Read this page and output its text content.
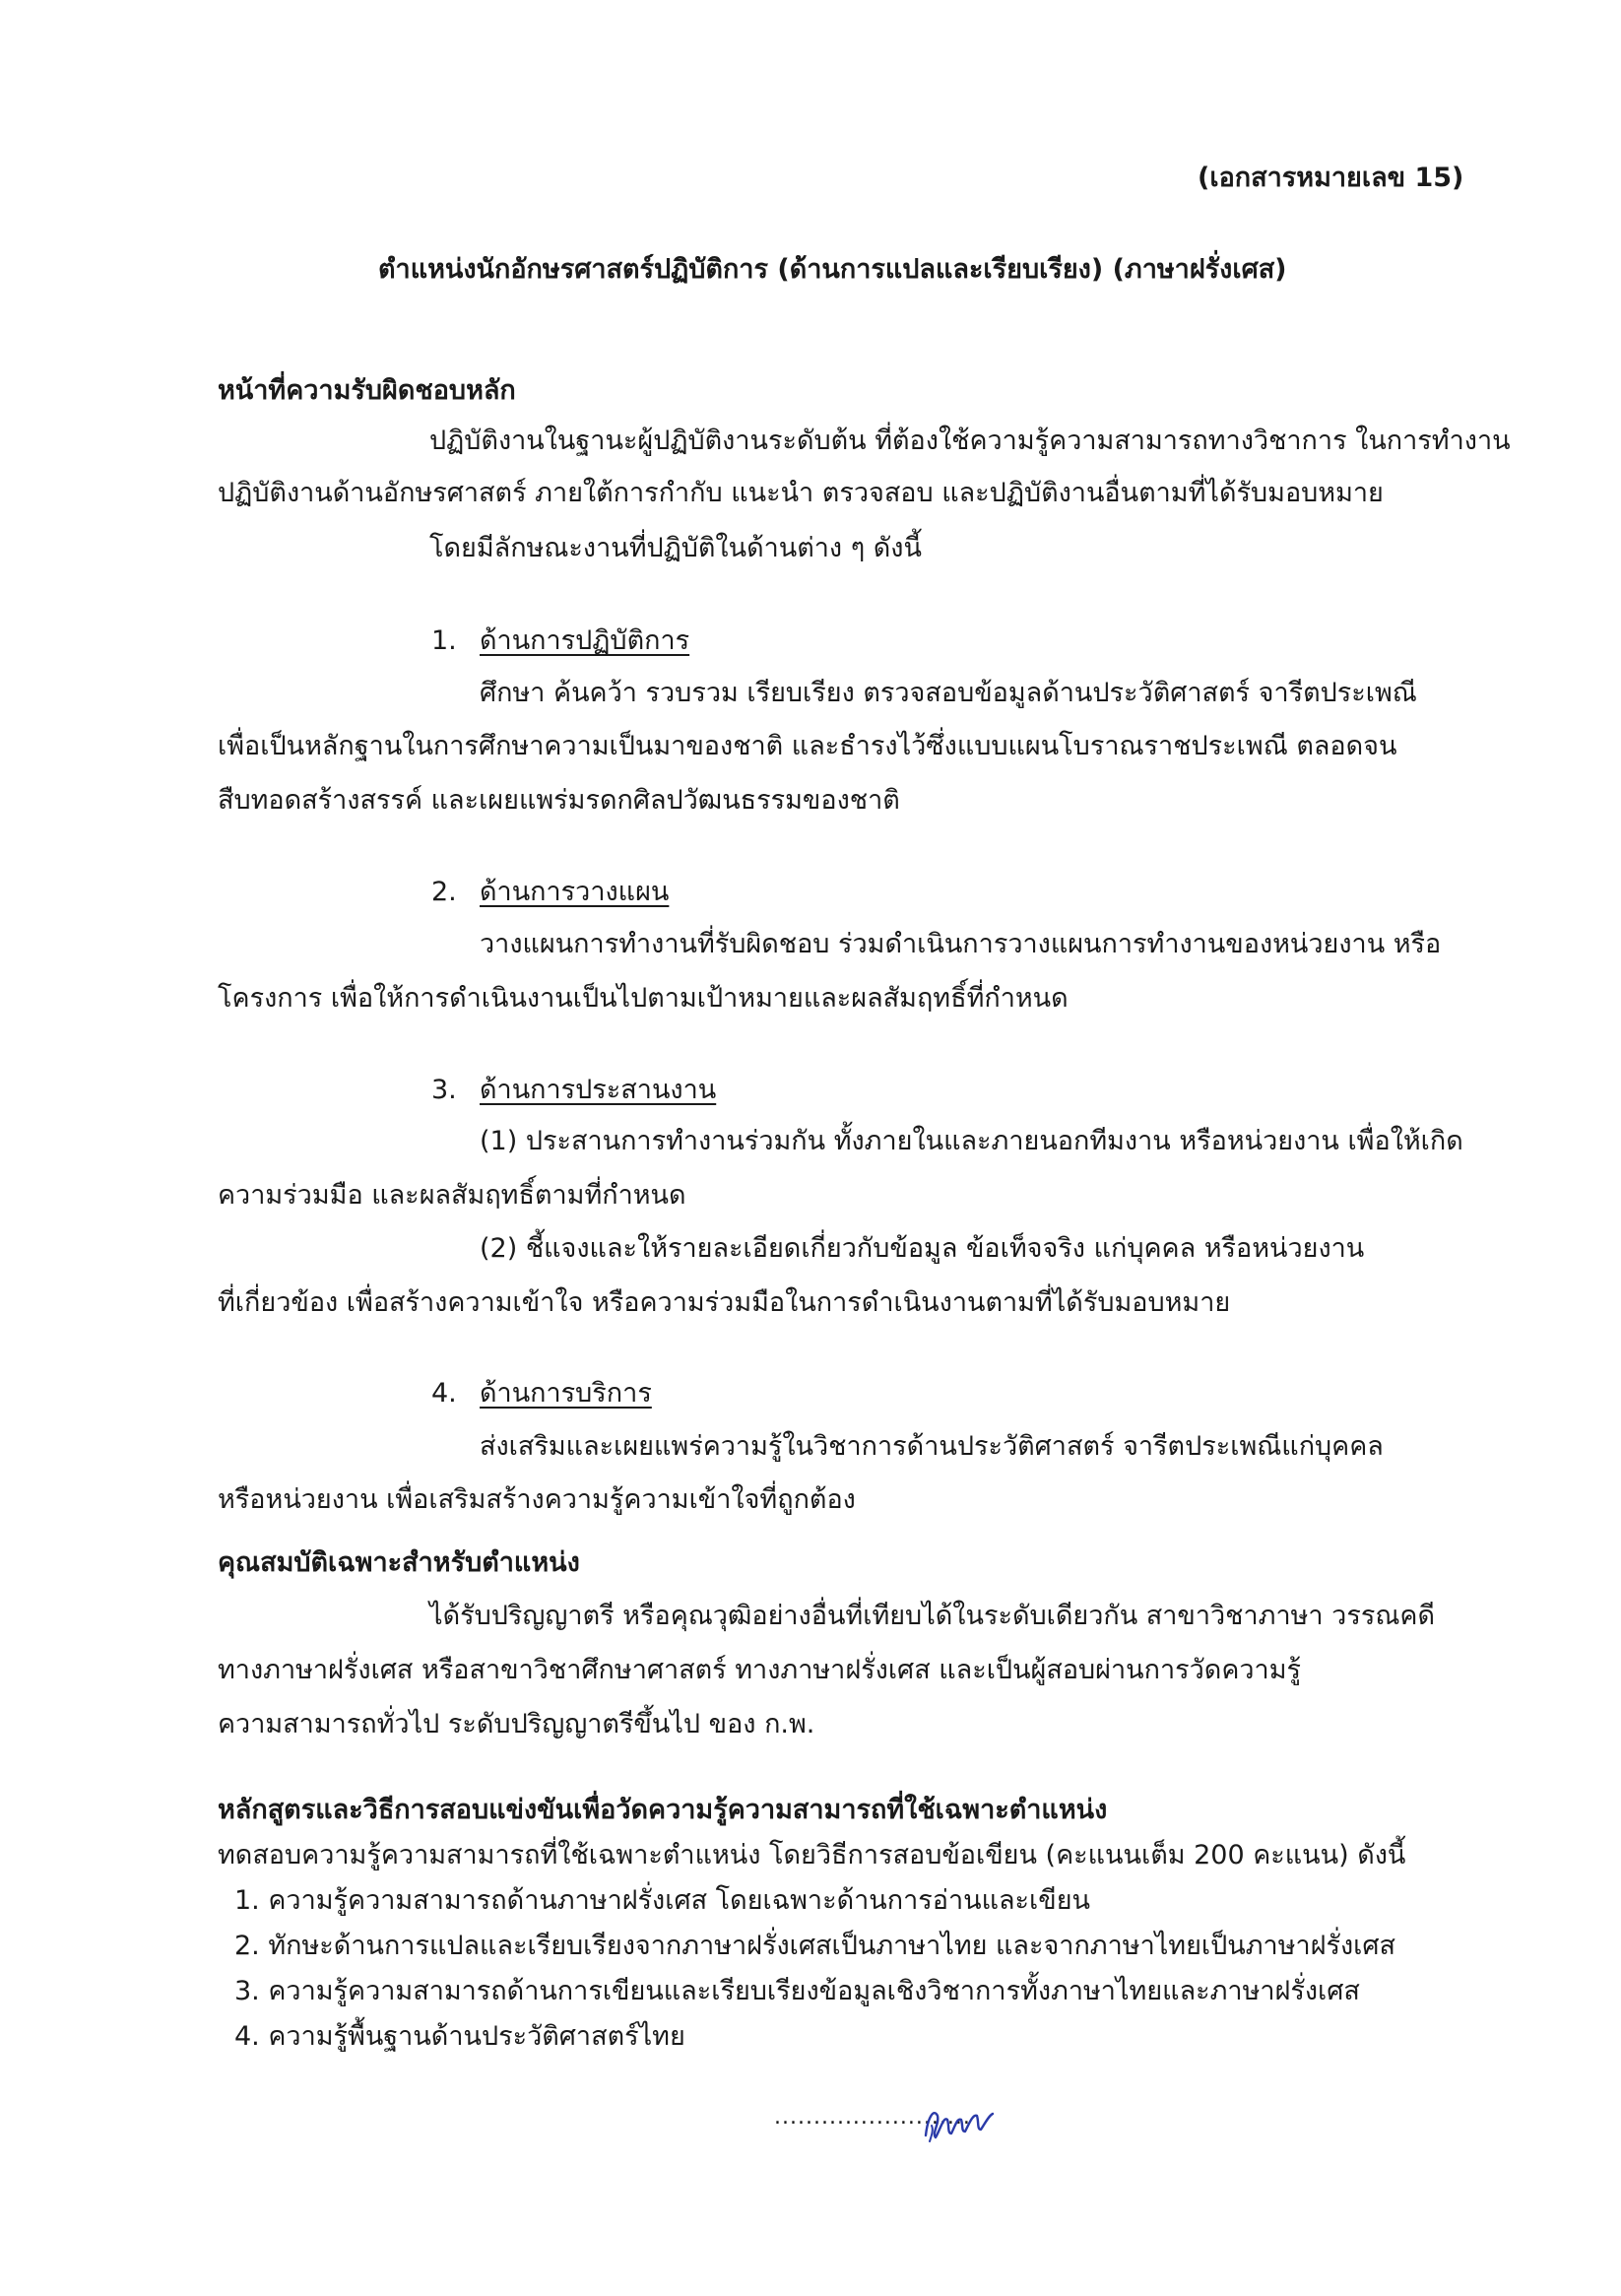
(เอกสารหมายเลข 15)
ตำแหน่งนักอักษรศาสตร์ปฏิบัติการ (ด้านการแปลและเรียบเรียง) (ภาษาฝรั่งเศส)
หน้าที่ความรับผิดชอบหลัก
ปฏิบัติงานในฐานะผู้ปฏิบัติงานระดับต้น ที่ต้องใช้ความรู้ความสามารถทางวิชาการ ในการทำงาน
ปฏิบัติงานด้านอักษรศาสตร์ ภายใต้การกำกับ แนะนำ ตรวจสอบ และปฏิบัติงานอื่นตามที่ได้รับมอบหมาย
โดยมีลักษณะงานที่ปฏิบัติในด้านต่าง ๆ ดังนี้
1. ด้านการปฏิบัติการ
ศึกษา ค้นคว้า รวบรวม เรียบเรียง ตรวจสอบข้อมูลด้านประวัติศาสตร์ จารีตประเพณี
เพื่อเป็นหลักฐานในการศึกษาความเป็นมาของชาติ และธำรงไว้ซึ่งแบบแผนโบราณราชประเพณี ตลอดจน
สืบทอดสร้างสรรค์ และเผยแพร่มรดกศิลปวัฒนธรรมของชาติ
2. ด้านการวางแผน
วางแผนการทำงานที่รับผิดชอบ ร่วมดำเนินการวางแผนการทำงานของหน่วยงาน หรือ
โครงการ เพื่อให้การดำเนินงานเป็นไปตามเป้าหมายและผลสัมฤทธิ์ที่กำหนด
3. ด้านการประสานงาน
(1) ประสานการทำงานร่วมกัน ทั้งภายในและภายนอกทีมงาน หรือหน่วยงาน เพื่อให้เกิด
ความร่วมมือ และผลสัมฤทธิ์ตามที่กำหนด
(2) ชี้แจงและให้รายละเอียดเกี่ยวกับข้อมูล ข้อเท็จจริง แก่บุคคล หรือหน่วยงาน
ที่เกี่ยวข้อง เพื่อสร้างความเข้าใจ หรือความร่วมมือในการดำเนินงานตามที่ได้รับมอบหมาย
4. ด้านการบริการ
ส่งเสริมและเผยแพร่ความรู้ในวิชาการด้านประวัติศาสตร์ จารีตประเพณีแก่บุคคล
หรือหน่วยงาน เพื่อเสริมสร้างความรู้ความเข้าใจที่ถูกต้อง
คุณสมบัติเฉพาะสำหรับตำแหน่ง
ได้รับปริญญาตรี หรือคุณวุฒิอย่างอื่นที่เทียบได้ในระดับเดียวกัน สาขาวิชาภาษา วรรณคดี
ทางภาษาฝรั่งเศส หรือสาขาวิชาศึกษาศาสตร์ ทางภาษาฝรั่งเศส และเป็นผู้สอบผ่านการวัดความรู้
ความสามารถทั่วไป ระดับปริญญาตรีขึ้นไป ของ ก.พ.
หลักสูตรและวิธีการสอบแข่งขันเพื่อวัดความรู้ความสามารถที่ใช้เฉพาะตำแหน่ง
ทดสอบความรู้ความสามารถที่ใช้เฉพาะตำแหน่ง โดยวิธีการสอบข้อเขียน (คะแนนเต็ม 200 คะแนน) ดังนี้
1. ความรู้ความสามารถด้านภาษาฝรั่งเศส โดยเฉพาะด้านการอ่านและเขียน
2. ทักษะด้านการแปลและเรียบเรียงจากภาษาฝรั่งเศสเป็นภาษาไทย และจากภาษาไทยเป็นภาษาฝรั่งเศส
3. ความรู้ความสามารถด้านการเขียนและเรียบเรียงข้อมูลเชิงวิชาการทั้งภาษาไทยและภาษาฝรั่งเศส
4. ความรู้พื้นฐานด้านประวัติศาสตร์ไทย
.........................
